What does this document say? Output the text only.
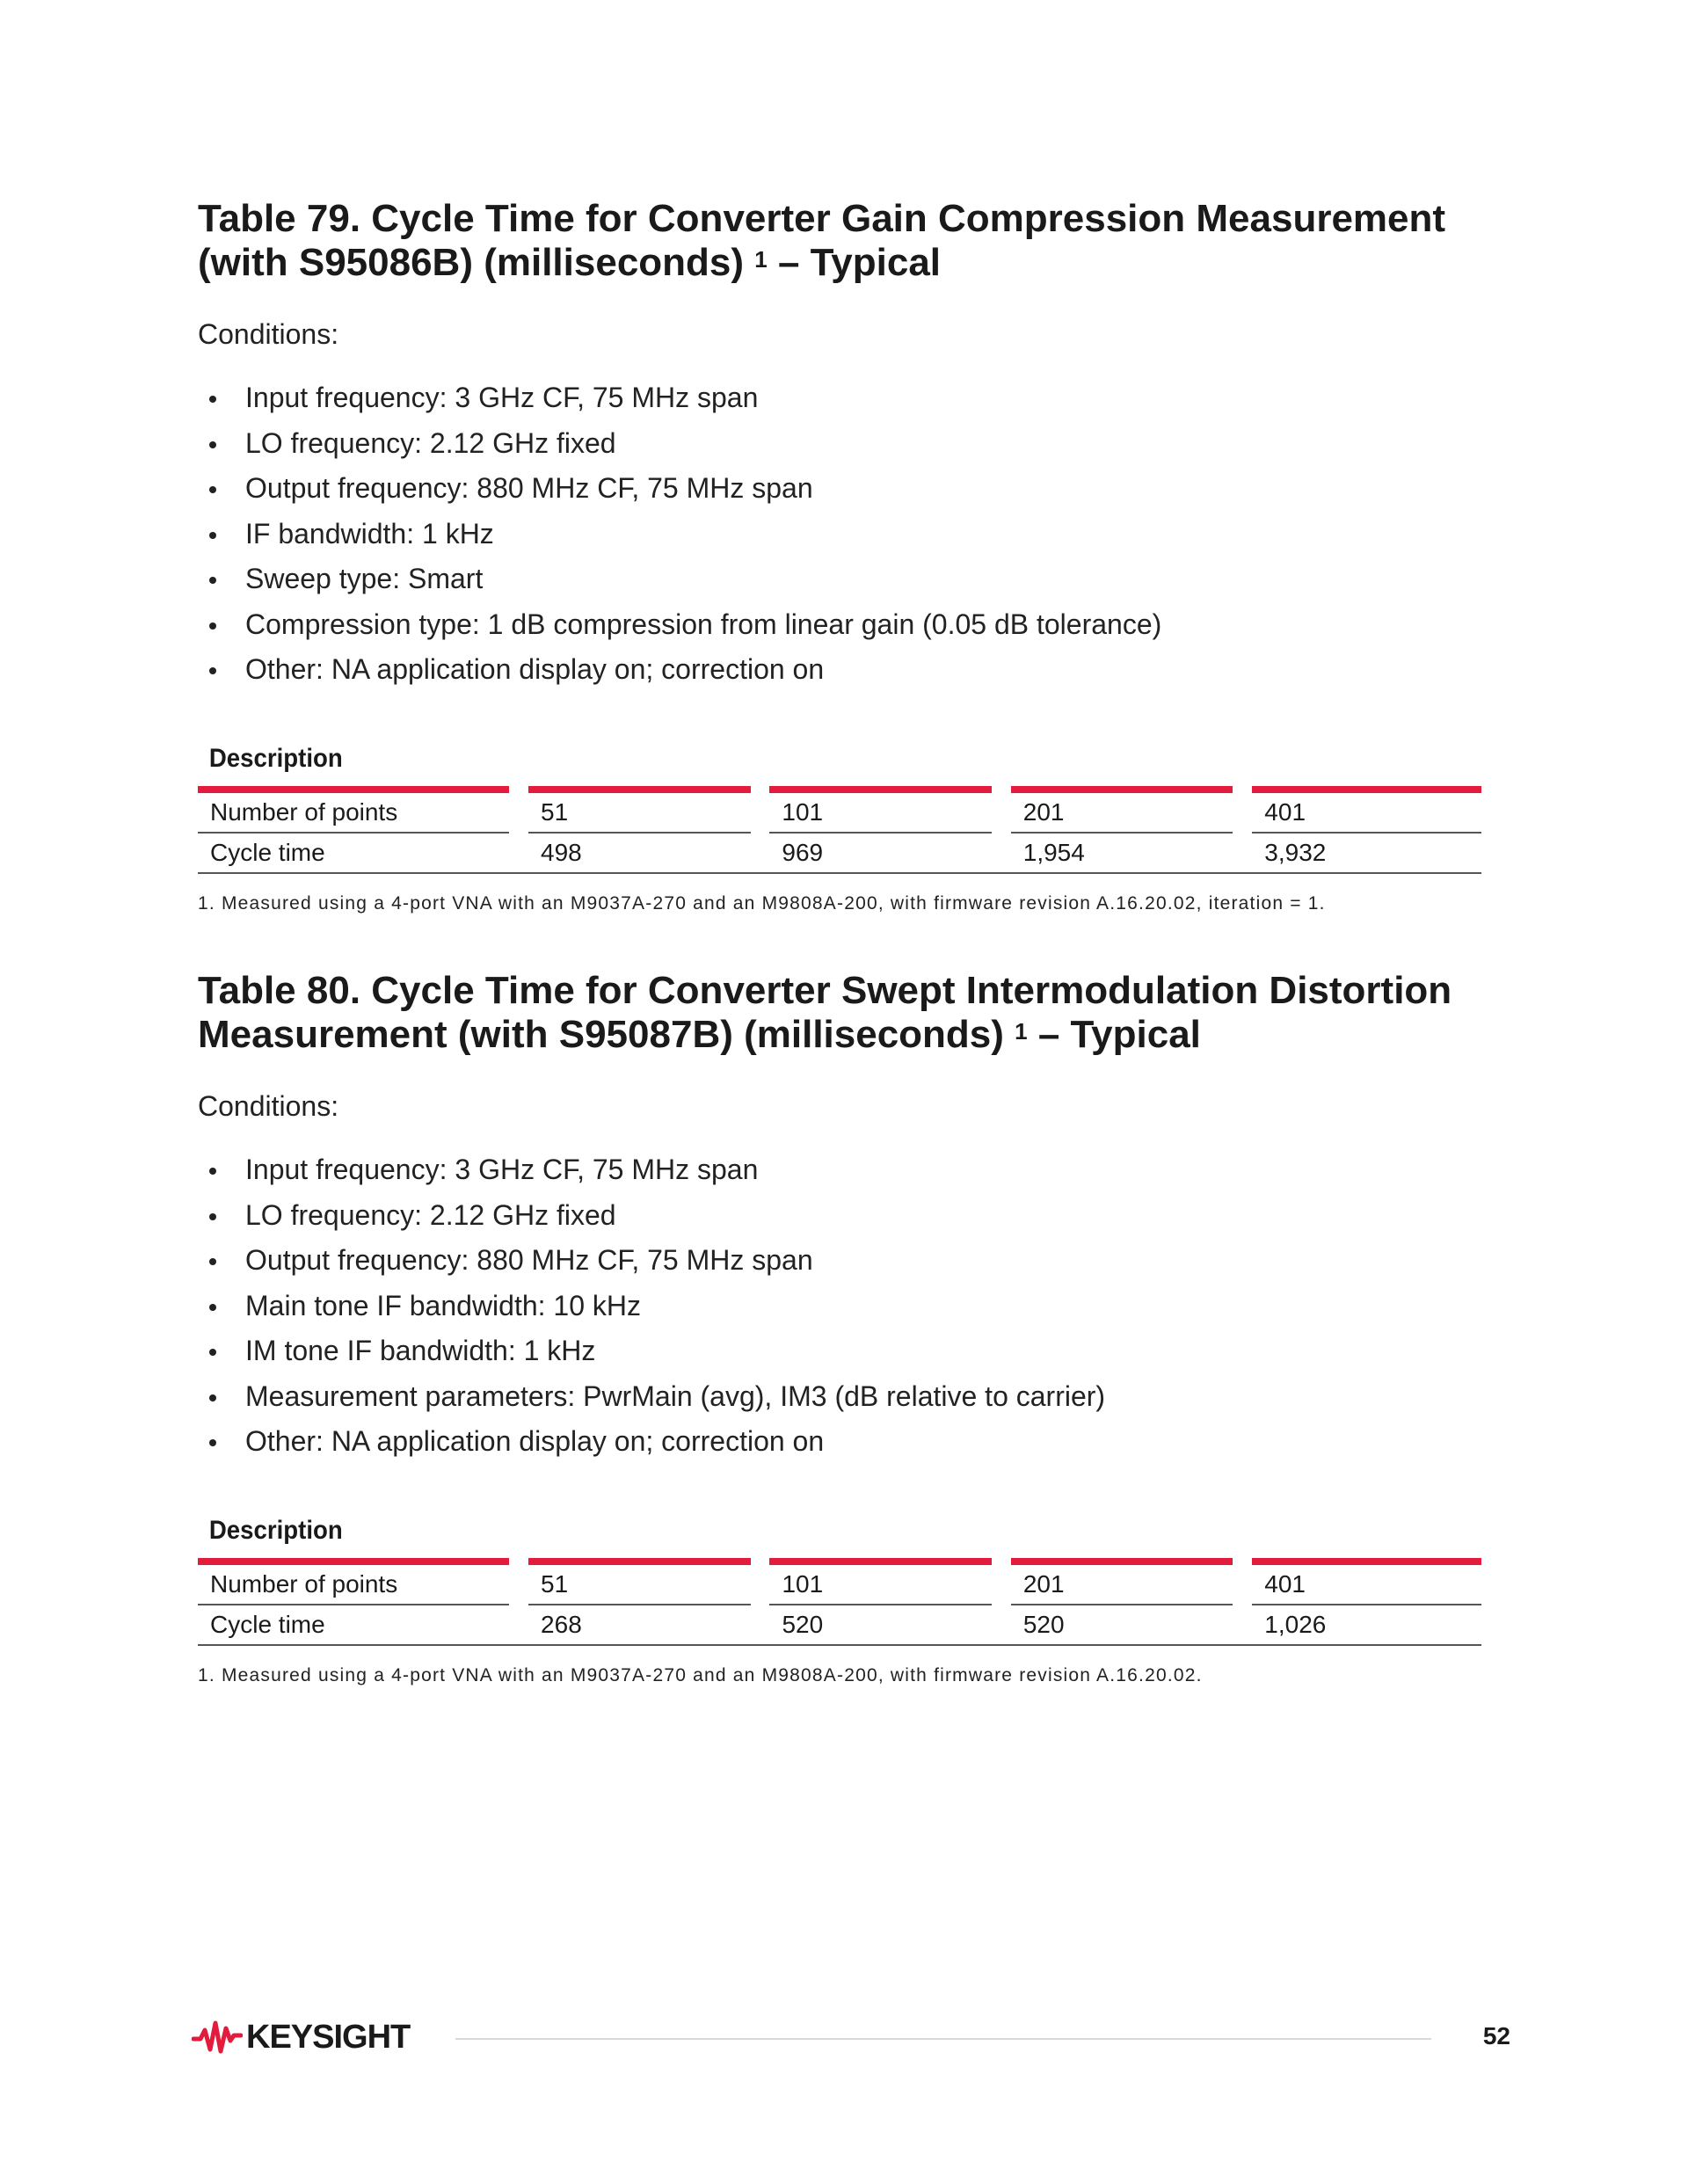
Table 79. Cycle Time for Converter Gain Compression Measurement
(with S95086B) (milliseconds) $^1$ – Typical
Conditions:
Input frequency: 3 GHz CF, 75 MHz span
LO frequency: 2.12 GHz fixed
Output frequency: 880 MHz CF, 75 MHz span
IF bandwidth: 1 kHz
Sweep type: Smart
Compression type: 1 dB compression from linear gain (0.05 dB tolerance)
Other: NA application display on; correction on
Description

Number of points		51		101		201		401
Cycle time		498		969		1,954		3,932
1. Measured using a 4-port VNA with an M9037A-270 and an M9808A-200, with firmware revision A.16.20.02, iteration = 1.
Table 80. Cycle Time for Converter Swept Intermodulation Distortion
Measurement (with S95087B) (milliseconds) $^1$ – Typical
Conditions:
Input frequency: 3 GHz CF, 75 MHz span
LO frequency: 2.12 GHz fixed
Output frequency: 880 MHz CF, 75 MHz span
Main tone IF bandwidth: 10 kHz
IM tone IF bandwidth: 1 kHz
Measurement parameters: PwrMain (avg), IM3 (dB relative to carrier)
Other: NA application display on; correction on
Description

Number of points		51		101		201		401
Cycle time		268		520		520		1,026
1. Measured using a 4-port VNA with an M9037A-270 and an M9808A-200, with firmware revision A.16.20.02.
KEYSIGHT	52
